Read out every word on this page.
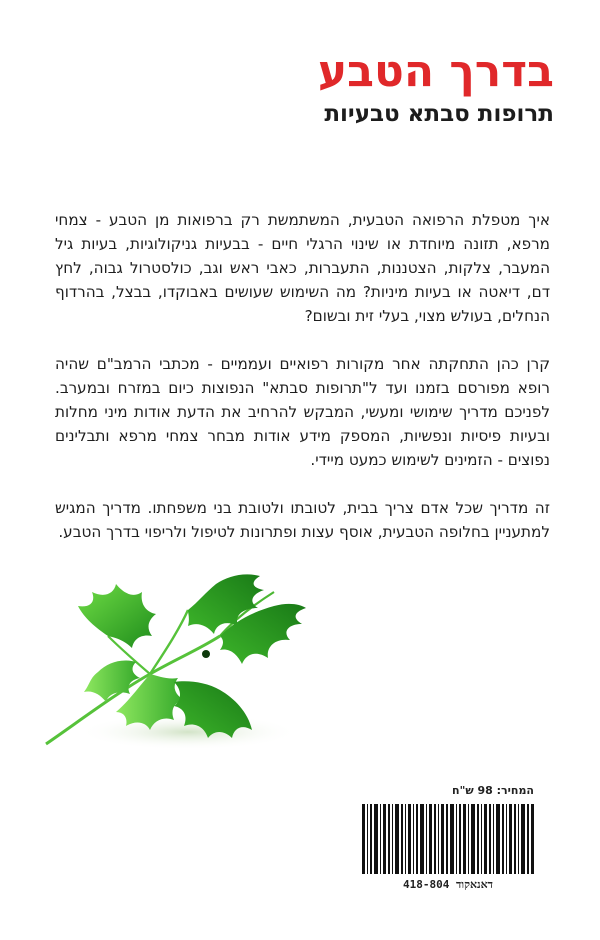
בדרך הטבע
תרופות סבתא טבעיות

איך מטפלת הרפואה הטבעית, המשתמשת רק ברפואות מן הטבע - צמחי מרפא, תזונה מיוחדת או שינוי הרגלי חיים - בבעיות גניקולוגיות, בעיות גיל המעבר, צלקות, הצטננות, התעברות, כאבי ראש וגב, כולסטרול גבוה, לחץ דם, דיאטה או בעיות מיניות? מה השימוש שעושים באבוקדו, בבצל, בהרדוף הנחלים, בעולש מצוי, בעלי זית ובשום?

קרן כהן התחקתה אחר מקורות רפואיים ועממיים - מכתבי הרמב"ם שהיה רופא מפורסם בזמנו ועד ל"תרופות סבתא" הנפוצות כיום במזרח ובמערב. לפניכם מדריך שימושי ומעשי, המבקש להרחיב את הדעת אודות מיני מחלות ובעיות פיסיות ונפשיות, המספק מידע אודות מבחר צמחי מרפא ותבלינים נפוצים - הזמינים לשימוש כמעט מיידי.

זה מדריך שכל אדם צריך בבית, לטובתו ולטובת בני משפחתו. מדריך המגיש למתעניין בחלופה הטבעית, אוסף עצות ופתרונות לטיפול ולריפוי בדרך הטבע.

המחיר: 98 ש"ח
418-804 דאנאקוד
